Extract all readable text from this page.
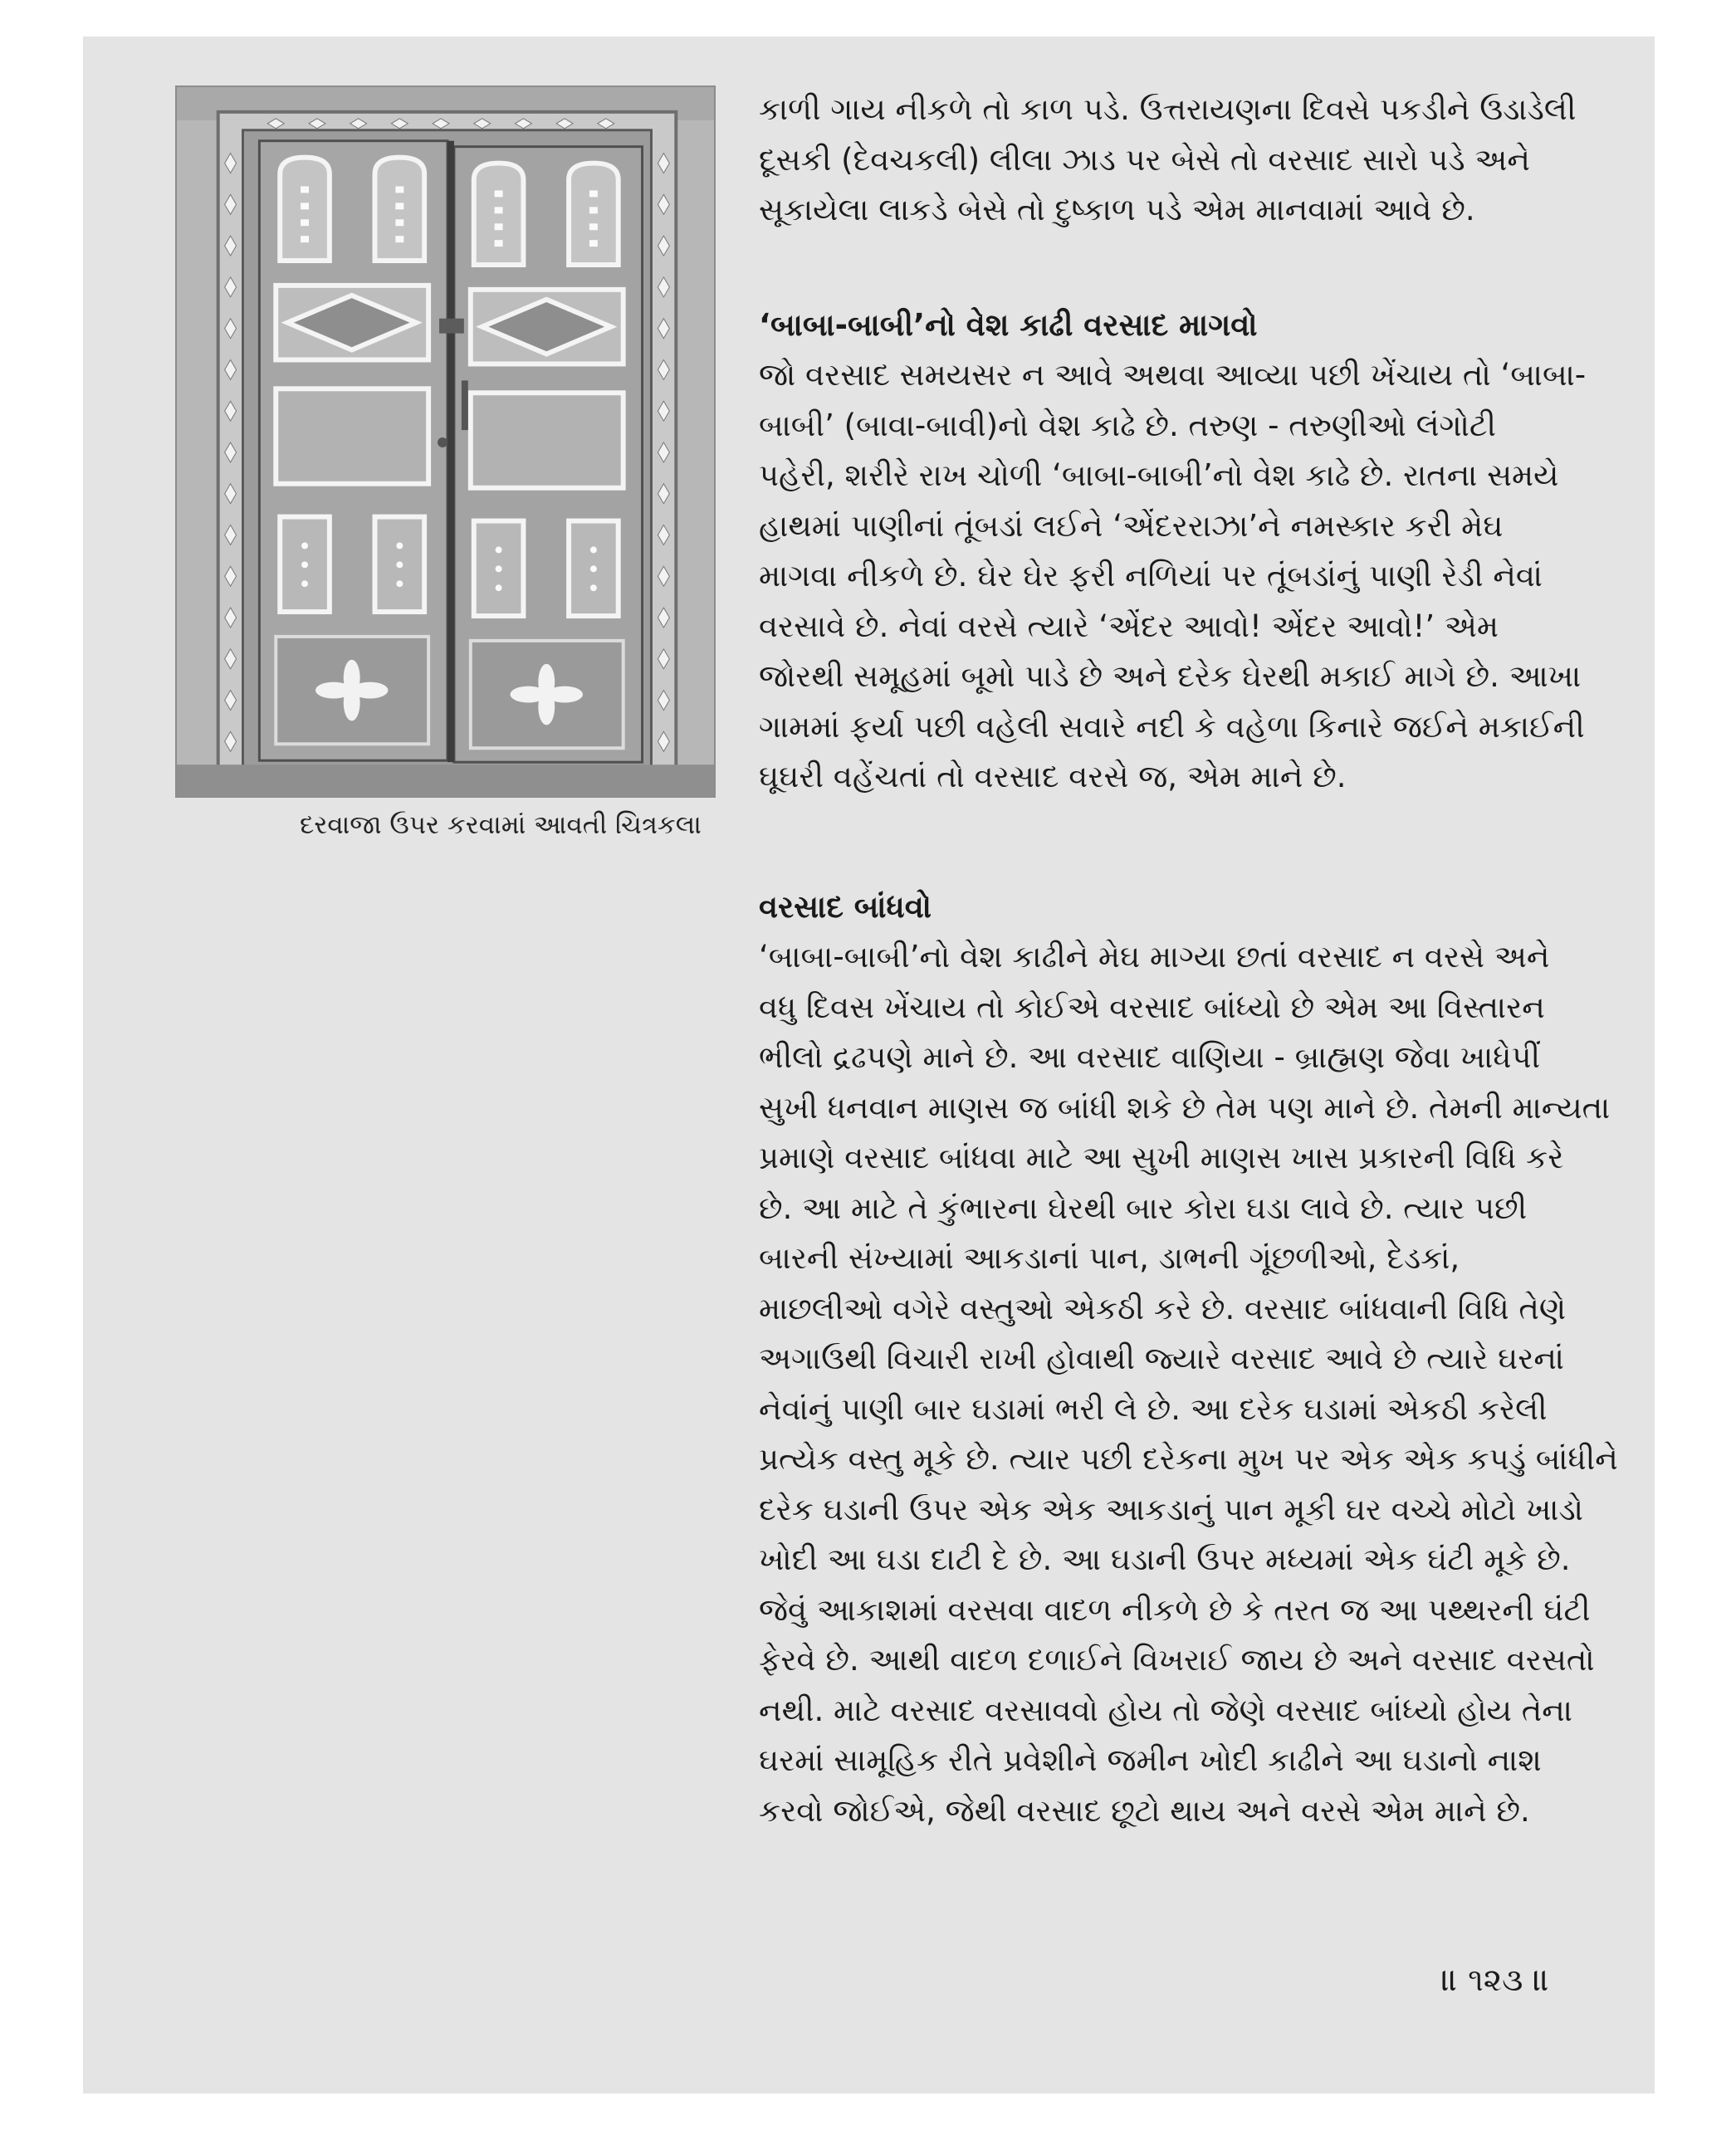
દરવાજા ઉપર કરવામાં આવતી ચિત્રકલા
કાળી ગાય નીકળે તો કાળ પડે. ઉત્તરાયણના દિવસે પકડીને ઉડાડેલી
દૂસકી (દેવચકલી) લીલા ઝાડ પર બેસે તો વરસાદ સારો પડે અને
સૂકાયેલા લાકડે બેસે તો દુષ્કાળ પડે એમ માનવામાં આવે છે.
‘બાબા-બાબી’નો વેશ કાઢી વરસાદ માગવો
જો વરસાદ સમયસર ન આવે અથવા આવ્યા પછી ખેંચાય તો ‘બાબા-
બાબી’ (બાવા-બાવી)નો વેશ કાઢે છે. તરુણ - તરુણીઓ લંગોટી
પહેરી, શરીરે રાખ ચોળી ‘બાબા-બાબી’નો વેશ કાઢે છે. રાતના સમયે
હાથમાં પાણીનાં તૂંબડાં લઈને ‘એંદરરાઝા’ને નમસ્કાર કરી મેઘ
માગવા નીકળે છે. ઘેર ઘેર ફરી નળિયાં પર તૂંબડાંનું પાણી રેડી નેવાં
વરસાવે છે. નેવાં વરસે ત્યારે ‘એંદર આવો! એંદર આવો!’ એમ
જોરથી સમૂહમાં બૂમો પાડે છે અને દરેક ઘેરથી મકાઈ માગે છે. આખા
ગામમાં ફર્યા પછી વહેલી સવારે નદી કે વહેળા કિનારે જઈને મકાઈની
ઘૂઘરી વહેંચતાં તો વરસાદ વરસે જ, એમ માને છે.
વરસાદ બાંધવો
‘બાબા-બાબી’નો વેશ કાઢીને મેઘ માગ્યા છતાં વરસાદ ન વરસે અને
વધુ દિવસ ખેંચાય તો કોઈએ વરસાદ બાંધ્યો છે એમ આ વિસ્તારન
ભીલો દ્રઢપણે માને છે. આ વરસાદ વાણિયા - બ્રાહ્મણ જેવા ખાધેપીં
સુખી ધનવાન માણસ જ બાંધી શકે છે તેમ પણ માને છે. તેમની માન્યતા
પ્રમાણે વરસાદ બાંધવા માટે આ સુખી માણસ ખાસ પ્રકારની વિધિ કરે
છે. આ માટે તે કુંભારના ઘેરથી બાર કોરા ઘડા લાવે છે. ત્યાર પછી
બારની સંખ્યામાં આકડાનાં પાન, ડાભની ગૂંછળીઓ, દેડકાં,
માછલીઓ વગેરે વસ્તુઓ એકઠી કરે છે. વરસાદ બાંધવાની વિધિ તેણે
અગાઉથી વિચારી રાખી હોવાથી જ્યારે વરસાદ આવે છે ત્યારે ઘરનાં
નેવાંનું પાણી બાર ઘડામાં ભરી લે છે. આ દરેક ઘડામાં એકઠી કરેલી
પ્રત્યેક વસ્તુ મૂકે છે. ત્યાર પછી દરેકના મુખ પર એક એક કપડું બાંધીને
દરેક ઘડાની ઉપર એક એક આકડાનું પાન મૂકી ઘર વચ્ચે મોટો ખાડો
ખોદી આ ઘડા દાટી દે છે. આ ઘડાની ઉપર મધ્યમાં એક ઘંટી મૂકે છે.
જેવું આકાશમાં વરસવા વાદળ નીકળે છે કે તરત જ આ પથ્થરની ઘંટી
ફેરવે છે. આથી વાદળ દળાઈને વિખરાઈ જાય છે અને વરસાદ વરસતો
નથી. માટે વરસાદ વરસાવવો હોય તો જેણે વરસાદ બાંધ્યો હોય તેના
ઘરમાં સામૂહિક રીતે પ્રવેશીને જમીન ખોદી કાઢીને આ ઘડાનો નાશ
કરવો જોઈએ, જેથી વરસાદ છૂટો થાય અને વરસે એમ માને છે.
॥ ૧૨૩ ॥
